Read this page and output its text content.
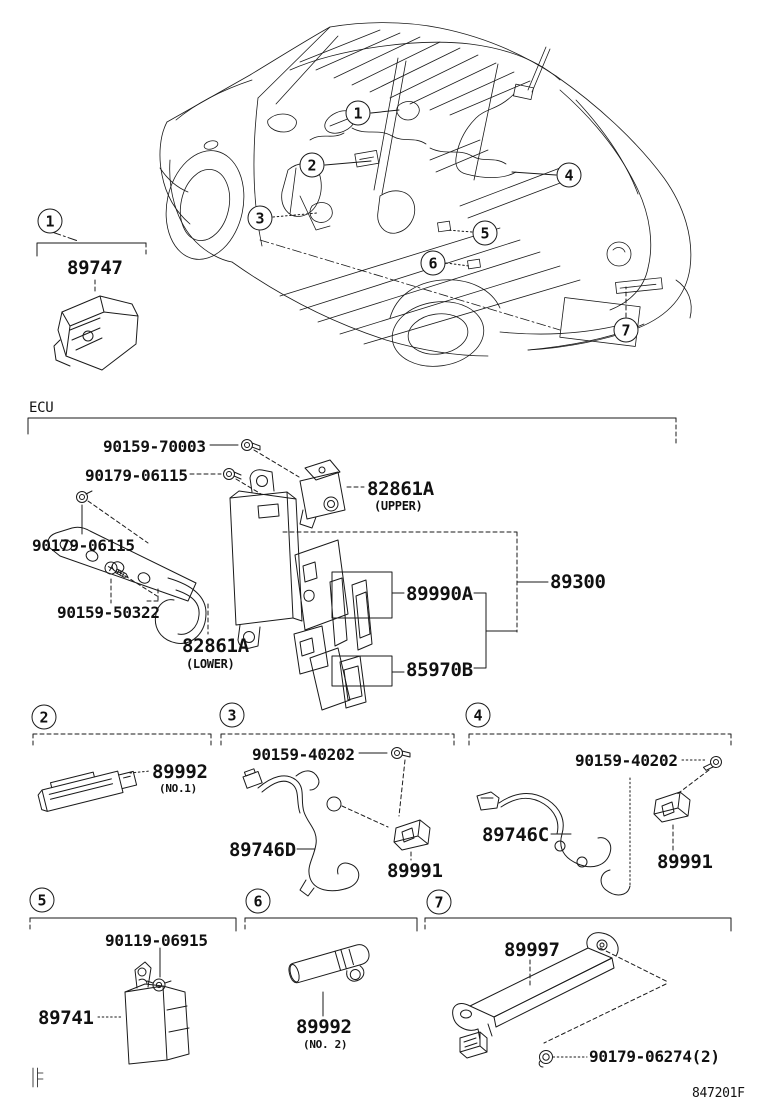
1
2
3
4
5
6
7
1
2	3	4
5	6	7
89747
ECU
90159-70003
90179-06115
90179-06115
90159-50322
82861A
(UPPER)
82861A
(LOWER)
89300
89990A
85970B
89992
(NO.1)
90159-40202
89746D
89991
90159-40202
89746C
89991
90119-06915
89741	89992
(NO. 2)
89997
90179-06274(2)
847201F
